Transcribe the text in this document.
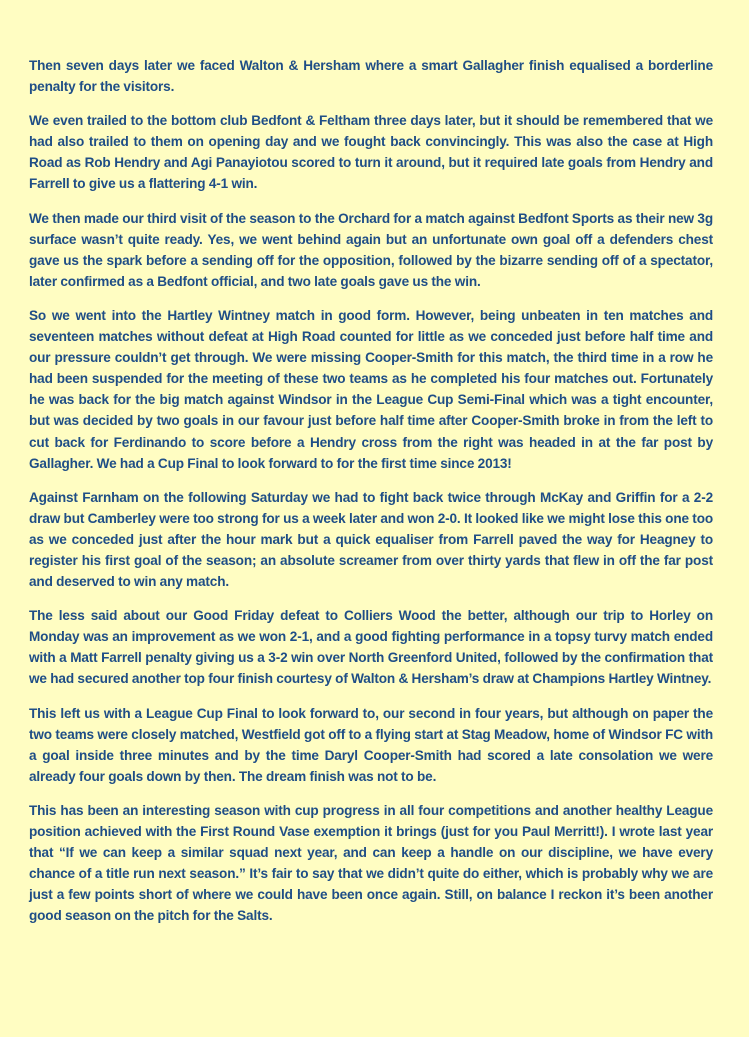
Then seven days later we faced Walton & Hersham where a smart Gallagher finish equalised a borderline penalty for the visitors.

We even trailed to the bottom club Bedfont & Feltham three days later, but it should be remembered that we had also trailed to them on opening day and we fought back convincingly. This was also the case at High Road as Rob Hendry and Agi Panayiotou scored to turn it around, but it required late goals from Hendry and Farrell to give us a flattering 4-1 win.

We then made our third visit of the season to the Orchard for a match against Bedfont Sports as their new 3g surface wasn’t quite ready. Yes, we went behind again but an unfortunate own goal off a defenders chest gave us the spark before a sending off for the opposition, followed by the bizarre sending off of a spectator, later confirmed as a Bedfont official, and two late goals gave us the win.

So we went into the Hartley Wintney match in good form. However, being unbeaten in ten matches and seventeen matches without defeat at High Road counted for little as we conceded just before half time and our pressure couldn’t get through. We were missing Cooper-Smith for this match, the third time in a row he had been suspended for the meeting of these two teams as he completed his four matches out. Fortunately he was back for the big match against Windsor in the League Cup Semi-Final which was a tight encounter, but was decided by two goals in our favour just before half time after Cooper-Smith broke in from the left to cut back for Ferdinando to score before a Hendry cross from the right was headed in at the far post by Gallagher. We had a Cup Final to look forward to for the first time since 2013!

Against Farnham on the following Saturday we had to fight back twice through McKay and Griffin for a 2-2 draw but Camberley were too strong for us a week later and won 2-0. It looked like we might lose this one too as we conceded just after the hour mark but a quick equaliser from Farrell paved the way for Heagney to register his first goal of the season; an absolute screamer from over thirty yards that flew in off the far post and deserved to win any match.

The less said about our Good Friday defeat to Colliers Wood the better, although our trip to Horley on Monday was an improvement as we won 2-1, and a good fighting performance in a topsy turvy match ended with a Matt Farrell penalty giving us a 3-2 win over North Greenford United, followed by the confirmation that we had secured another top four finish courtesy of Walton & Hersham’s draw at Champions Hartley Wintney.

This left us with a League Cup Final to look forward to, our second in four years, but although on paper the two teams were closely matched, Westfield got off to a flying start at Stag Meadow, home of Windsor FC with a goal inside three minutes and by the time Daryl Cooper-Smith had scored a late consolation we were already four goals down by then. The dream finish was not to be.

This has been an interesting season with cup progress in all four competitions and another healthy League position achieved with the First Round Vase exemption it brings (just for you Paul Merritt!). I wrote last year that “If we can keep a similar squad next year, and can keep a handle on our discipline, we have every chance of a title run next season.” It’s fair to say that we didn’t quite do either, which is probably why we are just a few points short of where we could have been once again. Still, on balance I reckon it’s been another good season on the pitch for the Salts.
